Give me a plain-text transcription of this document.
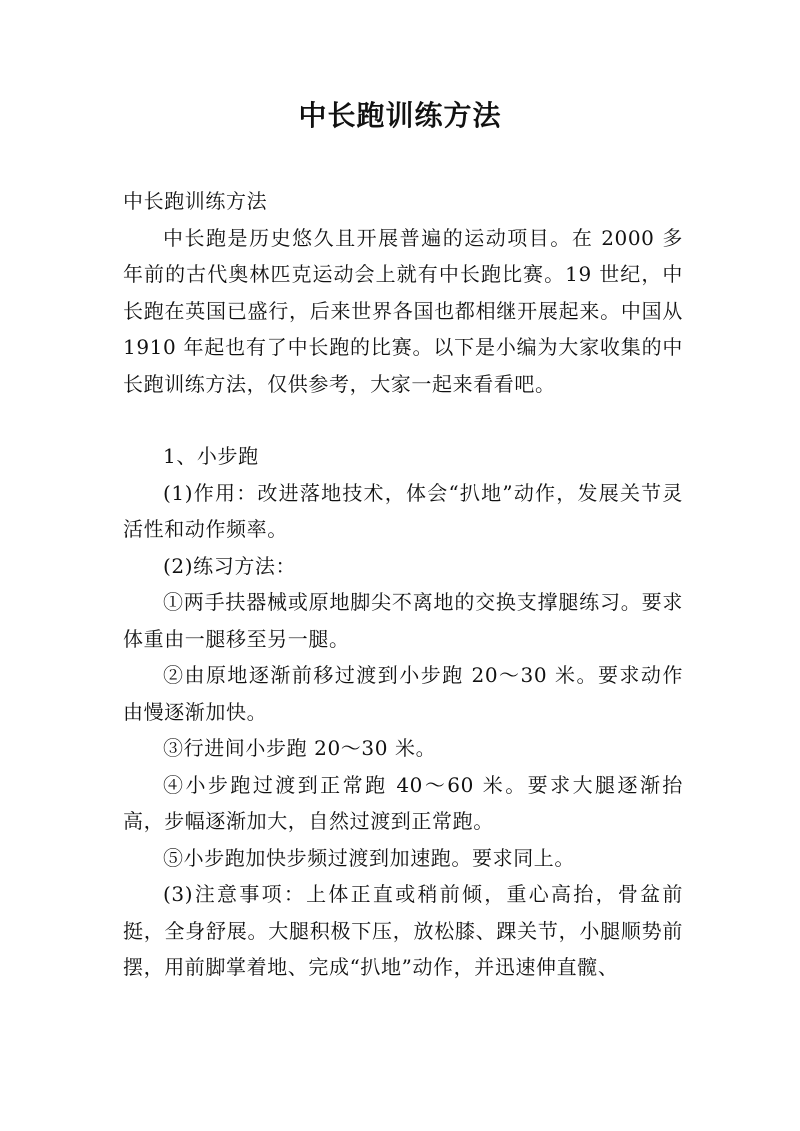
中长跑训练方法

中长跑训练方法

中长跑是历史悠久且开展普遍的运动项目。在 2000 多年前的古代奥林匹克运动会上就有中长跑比赛。19 世纪，中长跑在英国已盛行，后来世界各国也都相继开展起来。中国从 1910 年起也有了中长跑的比赛。以下是小编为大家收集的中长跑训练方法，仅供参考，大家一起来看看吧。

1、小步跑

(1)作用：改进落地技术，体会“扒地”动作，发展关节灵活性和动作频率。

(2)练习方法：

①两手扶器械或原地脚尖不离地的交换支撑腿练习。要求体重由一腿移至另一腿。

②由原地逐渐前移过渡到小步跑 20～30 米。要求动作由慢逐渐加快。

③行进间小步跑 20～30 米。

④小步跑过渡到正常跑 40～60 米。要求大腿逐渐抬高，步幅逐渐加大，自然过渡到正常跑。

⑤小步跑加快步频过渡到加速跑。要求同上。

(3)注意事项：上体正直或稍前倾，重心高抬，骨盆前挺，全身舒展。大腿积极下压，放松膝、踝关节，小腿顺势前摆，用前脚掌着地、完成“扒地”动作，并迅速伸直髋、
